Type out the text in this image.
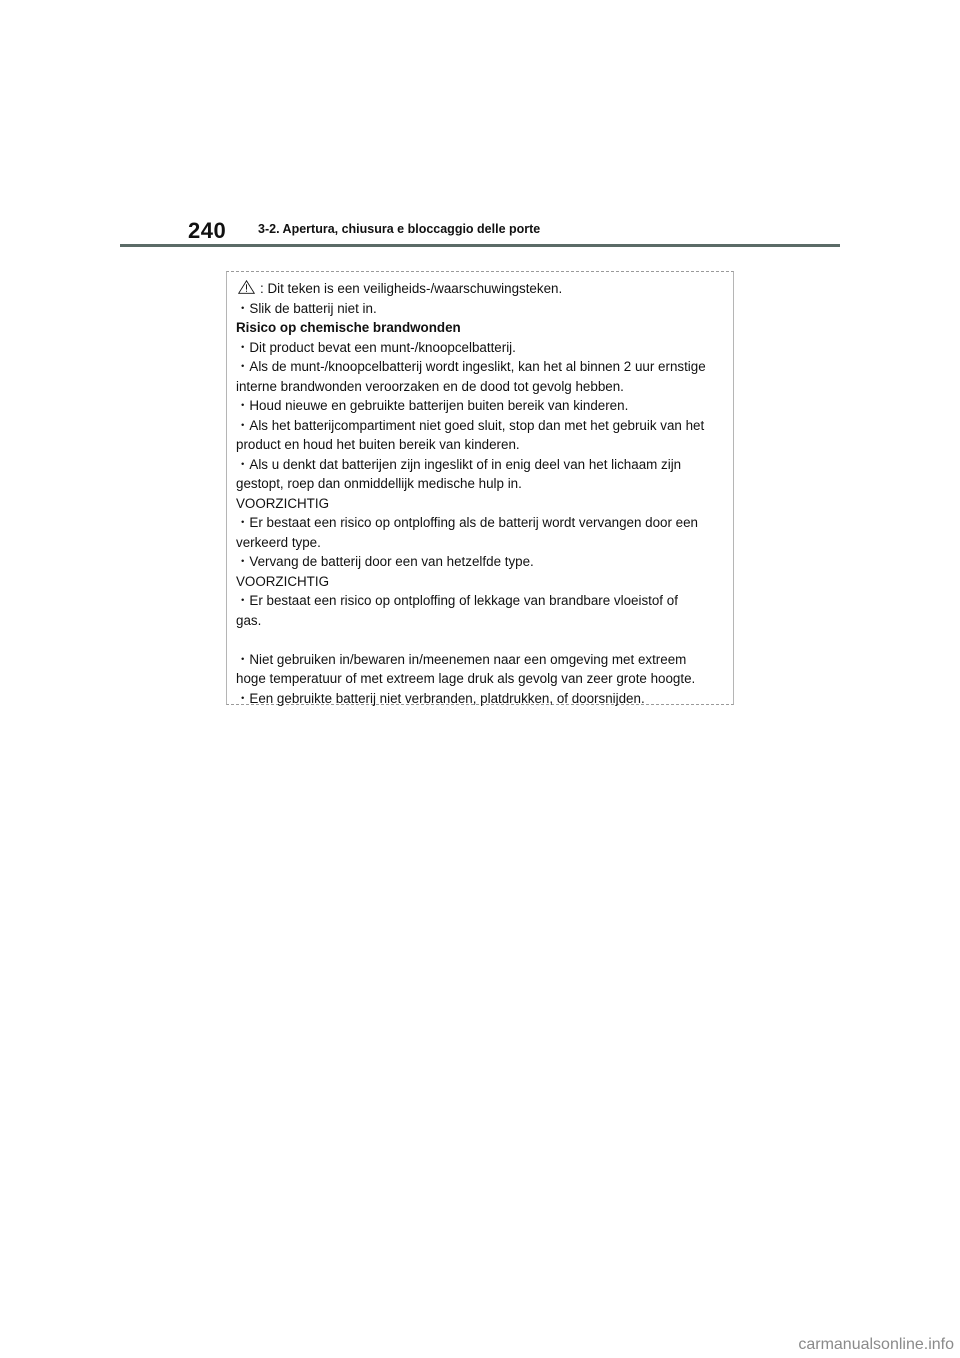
240	3-2. Apertura, chiusura e bloccaggio delle porte
: Dit teken is een veiligheids-/waarschuwingsteken.
・Slik de batterij niet in.
Risico op chemische brandwonden
・Dit product bevat een munt-/knoopcelbatterij.
・Als de munt-/knoopcelbatterij wordt ingeslikt, kan het al binnen 2 uur ernstige
interne brandwonden veroorzaken en de dood tot gevolg hebben.
・Houd nieuwe en gebruikte batterijen buiten bereik van kinderen.
・Als het batterijcompartiment niet goed sluit, stop dan met het gebruik van het
product en houd het buiten bereik van kinderen.
・Als u denkt dat batterijen zijn ingeslikt of in enig deel van het lichaam zijn
gestopt, roep dan onmiddellijk medische hulp in.
VOORZICHTIG
・Er bestaat een risico op ontploffing als de batterij wordt vervangen door een
verkeerd type.
・Vervang de batterij door een van hetzelfde type.
VOORZICHTIG
・Er bestaat een risico op ontploffing of lekkage van brandbare vloeistof of
gas.
・Niet gebruiken in/bewaren in/meenemen naar een omgeving met extreem
hoge temperatuur of met extreem lage druk als gevolg van zeer grote hoogte.
・Een gebruikte batterij niet verbranden, platdrukken, of doorsnijden.
carmanualsonline.info
